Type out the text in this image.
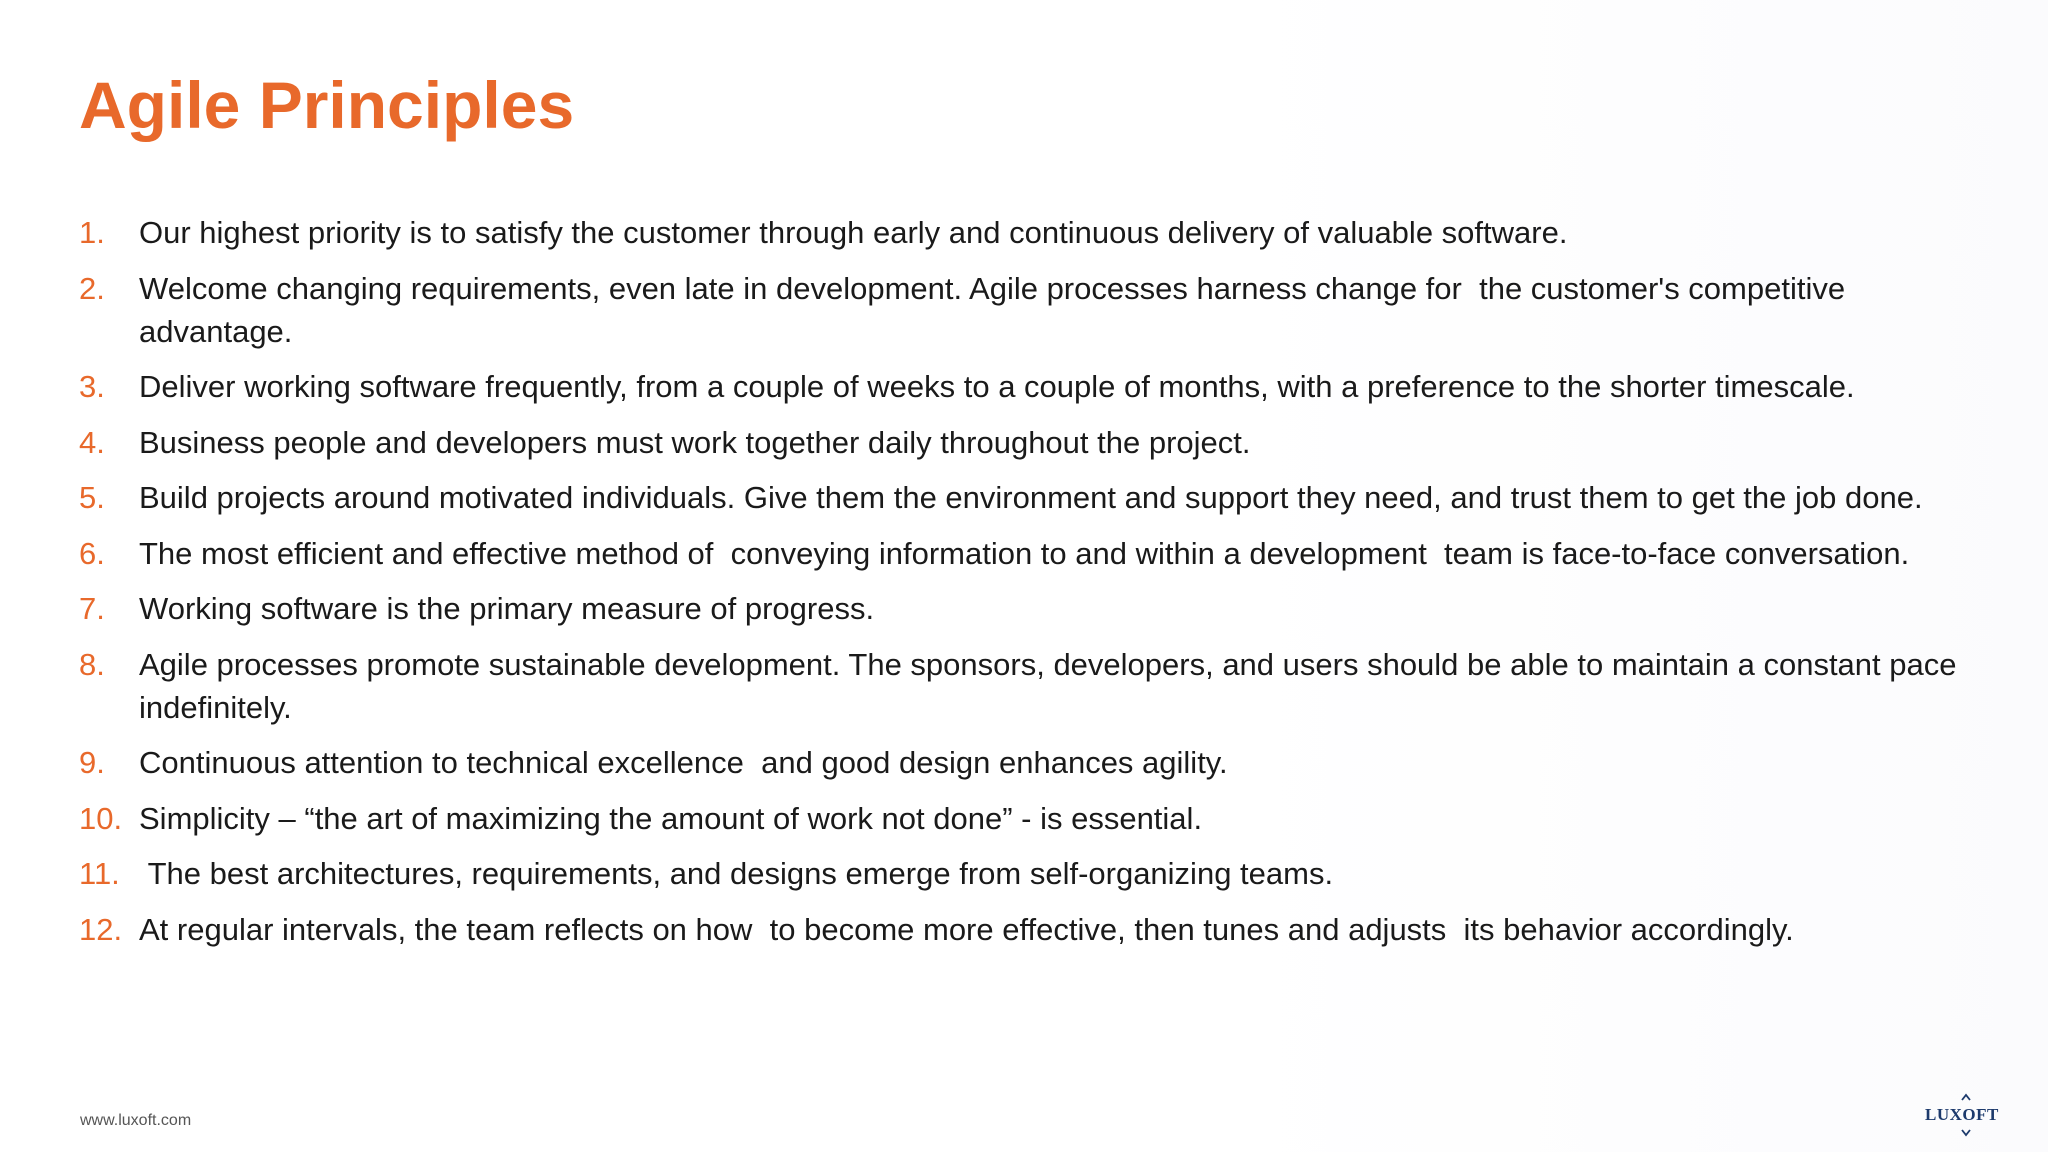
Agile Principles
1.	Our highest priority is to satisfy the customer through early and continuous delivery of valuable software.
2.	Welcome changing requirements, even late in development. Agile processes harness change for  the customer's competitive advantage.
3.	Deliver working software frequently, from a couple of weeks to a couple of months, with a preference to the shorter timescale.
4.	Business people and developers must work together daily throughout the project.
5.	Build projects around motivated individuals. Give them the environment and support they need, and trust them to get the job done.
6.	The most efficient and effective method of  conveying information to and within a development  team is face-to-face conversation.
7.	Working software is the primary measure of progress.
8.	Agile processes promote sustainable development. The sponsors, developers, and users should be able to maintain a constant pace indefinitely.
9.	Continuous attention to technical excellence  and good design enhances agility.
10. Simplicity – “the art of maximizing the amount of work not done” - is essential.
11. The best architectures, requirements, and designs emerge from self-organizing teams.
12. At regular intervals, the team reflects on how  to become more effective, then tunes and adjusts  its behavior accordingly.
www.luxoft.com	LUXOFT
